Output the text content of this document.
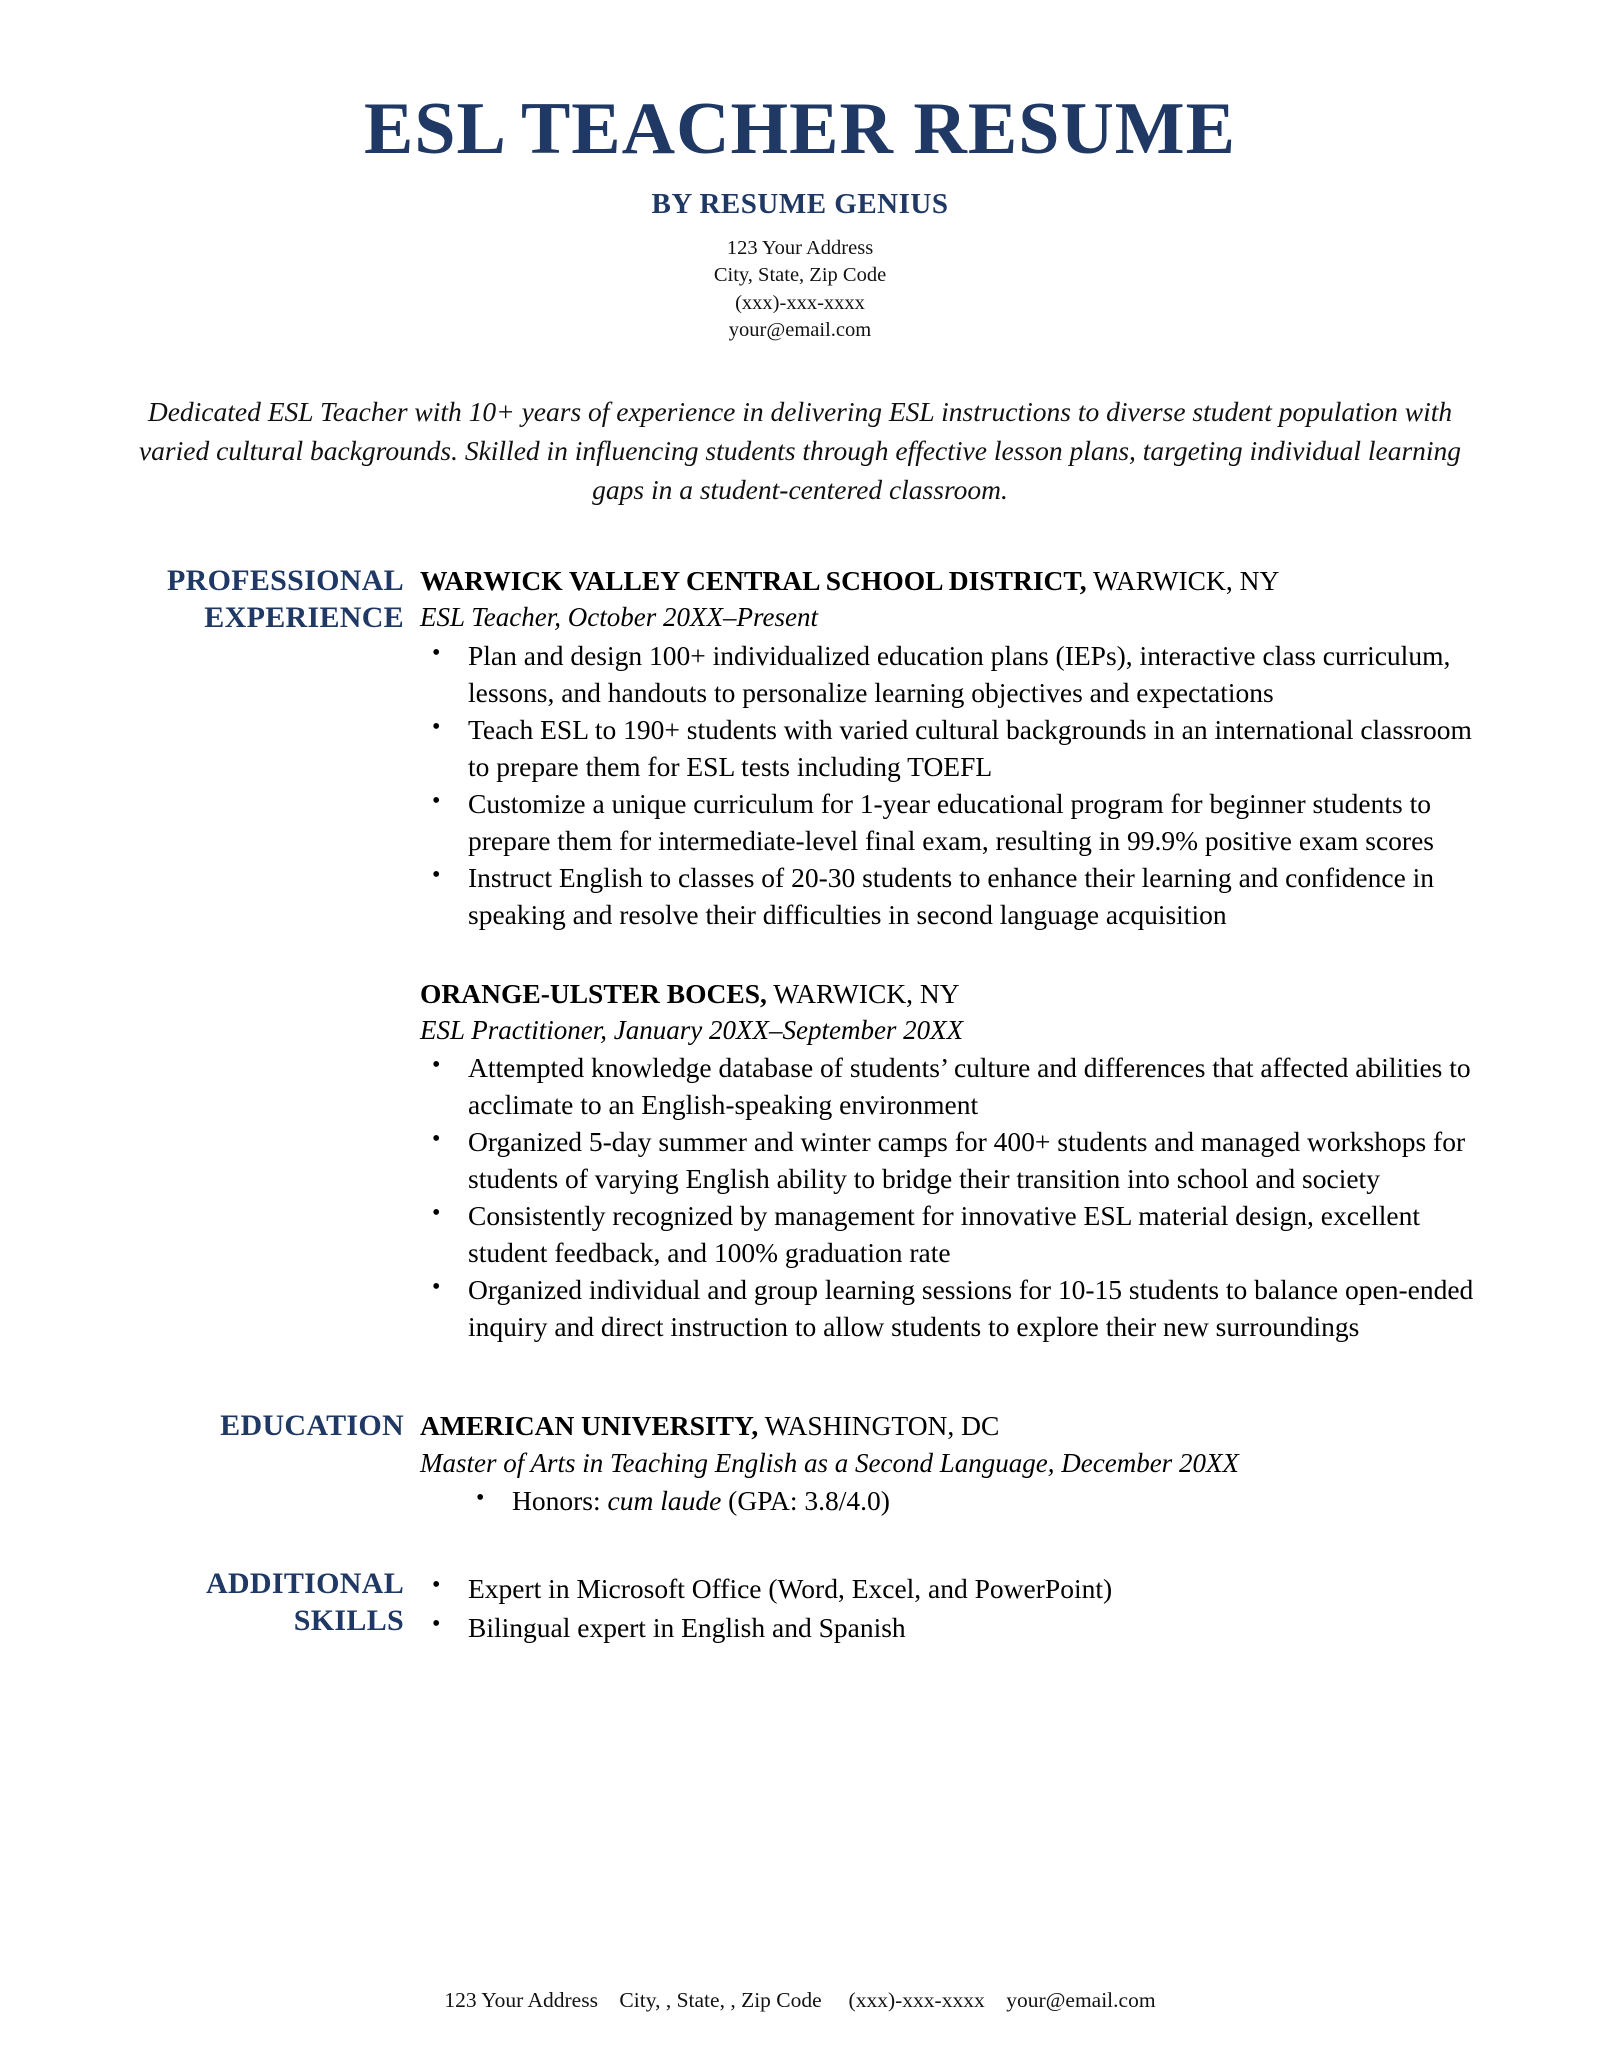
ESL TEACHER RESUME
BY RESUME GENIUS
123 Your Address
City, State, Zip Code
(xxx)-xxx-xxxx
your@email.com
Dedicated ESL Teacher with 10+ years of experience in delivering ESL instructions to diverse student population with varied cultural backgrounds. Skilled in influencing students through effective lesson plans, targeting individual learning gaps in a student-centered classroom.
PROFESSIONAL
EXPERIENCE
WARWICK VALLEY CENTRAL SCHOOL DISTRICT, WARWICK, NY
ESL Teacher, October 20XX–Present
• Plan and design 100+ individualized education plans (IEPs), interactive class curriculum, lessons, and handouts to personalize learning objectives and expectations
• Teach ESL to 190+ students with varied cultural backgrounds in an international classroom to prepare them for ESL tests including TOEFL
• Customize a unique curriculum for 1-year educational program for beginner students to prepare them for intermediate-level final exam, resulting in 99.9% positive exam scores
• Instruct English to classes of 20-30 students to enhance their learning and confidence in speaking and resolve their difficulties in second language acquisition
ORANGE-ULSTER BOCES, WARWICK, NY
ESL Practitioner, January 20XX–September 20XX
• Attempted knowledge database of students’ culture and differences that affected abilities to acclimate to an English-speaking environment
• Organized 5-day summer and winter camps for 400+ students and managed workshops for students of varying English ability to bridge their transition into school and society
• Consistently recognized by management for innovative ESL material design, excellent student feedback, and 100% graduation rate
• Organized individual and group learning sessions for 10-15 students to balance open-ended inquiry and direct instruction to allow students to explore their new surroundings
EDUCATION AMERICAN UNIVERSITY, WASHINGTON, DC
Master of Arts in Teaching English as a Second Language, December 20XX
• Honors: cum laude (GPA: 3.8/4.0)
ADDITIONAL
SKILLS
• Expert in Microsoft Office (Word, Excel, and PowerPoint)
• Bilingual expert in English and Spanish
123 Your Address    City, , State, , Zip Code     (xxx)-xxx-xxxx    your@email.com
